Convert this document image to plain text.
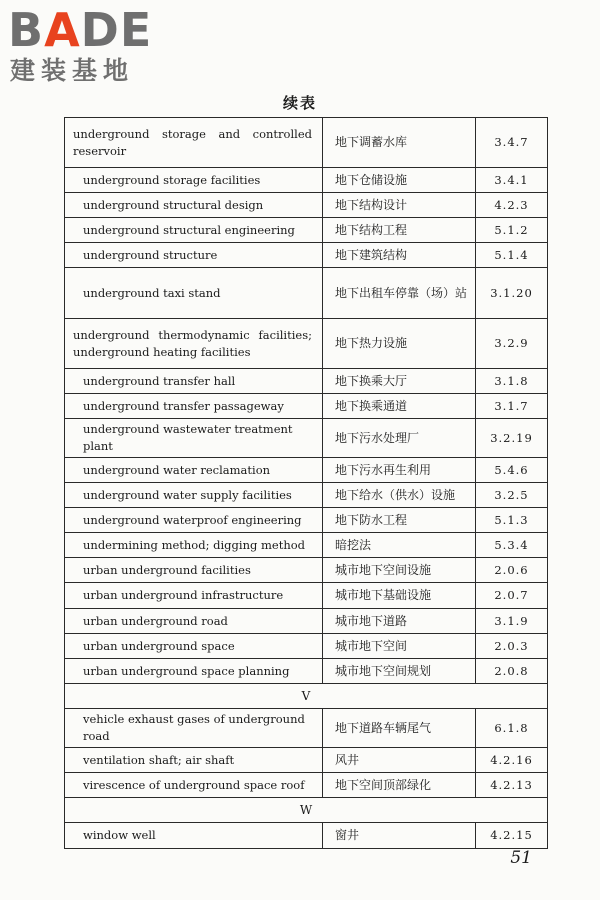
BADE
建装基地
续表
underground storage and controlled reservoir	地下调蓄水库	3.4.7
underground storage facilities	地下仓储设施	3.4.1
underground structural design	地下结构设计	4.2.3
underground structural engineering	地下结构工程	5.1.2
underground structure	地下建筑结构	5.1.4
underground taxi stand	地下出租车停靠（场）站	3.1.20
underground thermodynamic facilities; underground heating facilities	地下热力设施	3.2.9
underground transfer hall	地下换乘大厅	3.1.8
underground transfer passageway	地下换乘通道	3.1.7
underground wastewater treatment plant	地下污水处理厂	3.2.19
underground water reclamation	地下污水再生利用	5.4.6
underground water supply facilities	地下给水（供水）设施	3.2.5
underground waterproof engineering	地下防水工程	5.1.3
undermining method; digging method	暗挖法	5.3.4
urban underground facilities	城市地下空间设施	2.0.6
urban underground infrastructure	城市地下基础设施	2.0.7
urban underground road	城市地下道路	3.1.9
urban underground space	城市地下空间	2.0.3
urban underground space planning	城市地下空间规划	2.0.8
V		
vehicle exhaust gases of underground road	地下道路车辆尾气	6.1.8
ventilation shaft; air shaft	风井	4.2.16
virescence of underground space roof	地下空间顶部绿化	4.2.13
W		
window well	窗井	4.2.15
51
